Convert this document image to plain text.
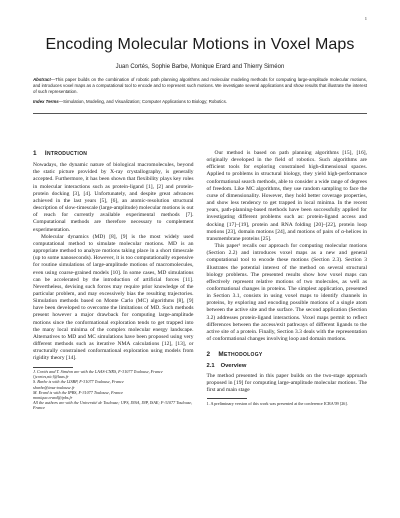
1
Encoding Molecular Motions in Voxel Maps
Juan Cortés, Sophie Barbe, Monique Erard and Thierry Siméon
Abstract—This paper builds on the combination of robotic path planning algorithms and molecular modeling methods for computing large-amplitude molecular motions, and introduces voxel maps as a computational tool to encode and to represent such motions. We investigate several applications and show results that illustrate the interest of such representation.
Index Terms—Simulation, Modeling, and Visualization; Computer Applications to Biology; Robotics.
1 INTRODUCTION

Nowadays, the dynamic nature of biological macromolecules, beyond the static picture provided by X-ray crystallography, is generally accepted. Furthermore, it has been shown that flexibility plays key roles in molecular interactions such as protein-ligand [1], [2] and protein-protein docking [3], [4]. Unfortunately, and despite great advances achieved in the last years [5], [6], an atomic-resolution structural description of slow-timescale (large-amplitude) molecular motions is out of reach for currently available experimental methods [7]. Computational methods are therefore necessary to complement experimentation.

Molecular dynamics (MD) [8], [9] is the most widely used computational method to simulate molecular motions. MD is an appropriate method to analyze motions taking place in a short timescale (up to some nanoseconds). However, it is too computationally expensive for routine simulations of large-amplitude motions of macromolecules, even using coarse-grained models [10]. In some cases, MD simulations can be accelerated by the introduction of artificial forces [11]. Nevertheless, devising such forces may require prior knowledge of the particular problem, and may excessively bias the resulting trajectories. Simulation methods based on Monte Carlo (MC) algorithms [8], [9] have been developed to overcome the limitations of MD. Such methods present however a major drawback for computing large-amplitude motions since the conformational exploration tends to get trapped into the many local minima of the complex molecular energy landscape. Alternatives to MD and MC simulations have been proposed using very different methods such as iterative NMA calculations [12], [13], or structurally constrained conformational exploration using models from rigidity theory [14].

J. Cortés and T. Siméon are with the LAAS-CNRS, F-31077 Toulouse, France
{jcortes,nic}@laas.fr
S. Barbe is with the LISBP, F-31077 Toulouse, France
sbarbe@insa-toulouse.fr
M. Erard is with the IPBS, F-31077 Toulouse, France
monique.erard@ipbs.fr
All the authors are with the Université de Toulouse; UPS, INSA, INP, ISAE; F-31077 Toulouse, France

Our method is based on path planning algorithms [15], [16], originally developed in the field of robotics. Such algorithms are efficient tools for exploring constrained high-dimensional spaces. Applied to problems in structural biology, they yield high-performance conformational search methods, able to consider a wide range of degrees of freedom. Like MC algorithms, they use random sampling to face the curse of dimensionality. However, they hold better coverage properties, and show less tendency to get trapped in local minima. In the recent years, path-planning-based methods have been successfully applied for investigating different problems such as: protein-ligand access and docking [17]–[19], protein and RNA folding [20]–[22], protein loop motions [23], domain motions [24], and motions of pairs of α-helices in transmembrane proteins [25].

This paper¹ recalls our approach for computing molecular motions (Section 2.2) and introduces voxel maps as a new and general computational tool to encode these motions (Section 2.3). Section 3 illustrates the potential interest of the method on several structural biology problems. The presented results show how voxel maps can effectively represent relative motions of two molecules, as well as conformational changes in proteins. The simplest application, presented in Section 3.1, consists in using voxel maps to identify channels in proteins, by exploring and encoding possible motions of a single atom between the active site and the surface. The second application (Section 3.2) addresses protein-ligand interactions. Voxel maps permit to reflect differences between the access/exit pathways of different ligands to the active site of a protein. Finally, Section 3.3 deals with the representation of conformational changes involving loop and domain motions.

2 METHODOLOGY
2.1 Overview

The method presented in this paper builds on the two-stage approach proposed in [19] for computing large-amplitude molecular motions. The first and main stage

1. A preliminary version of this work was presented at the conference ICRA'09 [26].
